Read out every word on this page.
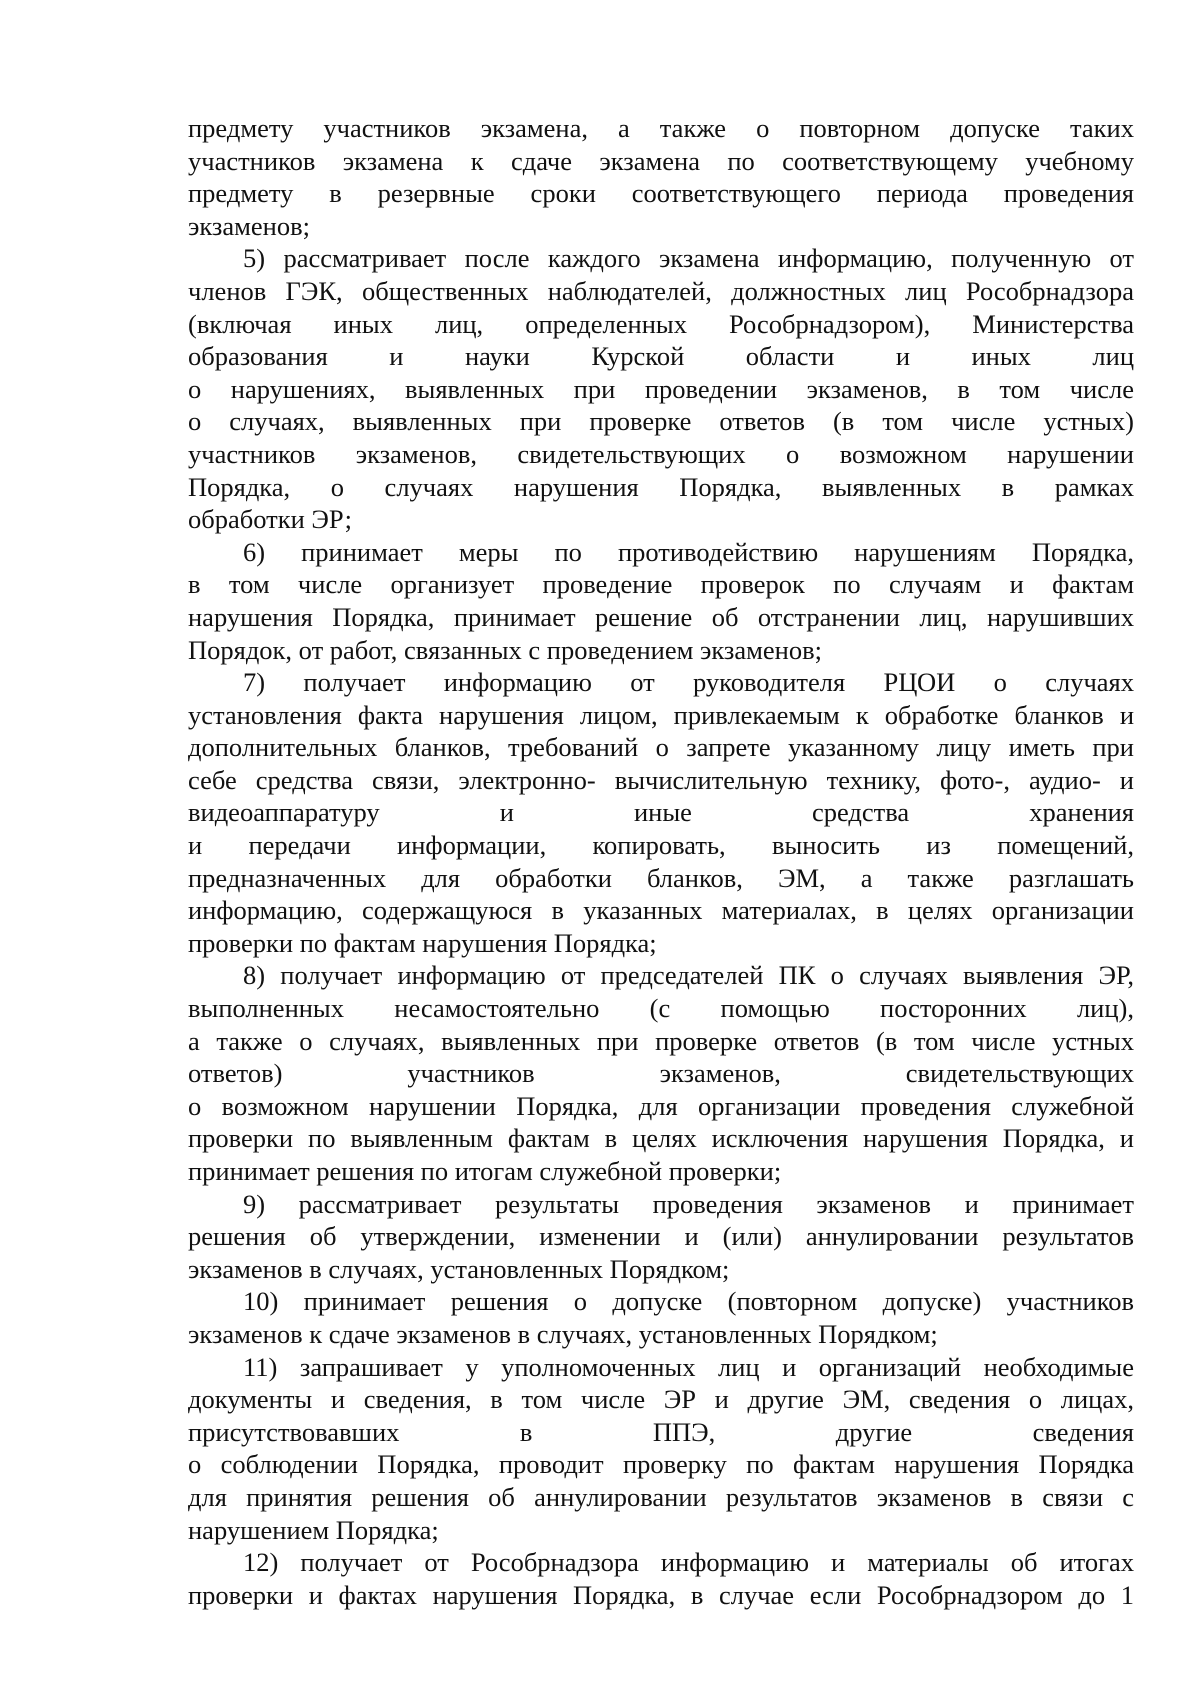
предмету участников экзамена, а также о повторном допуске таких
участников экзамена к сдаче экзамена по соответствующему учебному
предмету в резервные сроки соответствующего периода проведения
экзаменов;

5) рассматривает после каждого экзамена информацию, полученную от
членов ГЭК, общественных наблюдателей, должностных лиц Рособрнадзора
(включая иных лиц, определенных Рособрнадзором), Министерства
образования и науки Курской области и иных лиц
о нарушениях, выявленных при проведении экзаменов, в том числе
о случаях, выявленных при проверке ответов (в том числе устных)
участников экзаменов, свидетельствующих о возможном нарушении
Порядка, о случаях нарушения Порядка, выявленных в рамках
обработки ЭР;

6) принимает меры по противодействию нарушениям Порядка,
в том числе организует проведение проверок по случаям и фактам
нарушения Порядка, принимает решение об отстранении лиц, нарушивших
Порядок, от работ, связанных с проведением экзаменов;

7) получает информацию от руководителя РЦОИ о случаях
установления факта нарушения лицом, привлекаемым к обработке бланков и
дополнительных бланков, требований о запрете указанному лицу иметь при
себе средства связи, электронно- вычислительную технику, фото-, аудио- и
видеоаппаратуру и иные средства хранения
и передачи информации, копировать, выносить из помещений,
предназначенных для обработки бланков, ЭМ, а также разглашать
информацию, содержащуюся в указанных материалах, в целях организации
проверки по фактам нарушения Порядка;

8) получает информацию от председателей ПК о случаях выявления ЭР,
выполненных несамостоятельно (с помощью посторонних лиц),
а также о случаях, выявленных при проверке ответов (в том числе устных
ответов) участников экзаменов, свидетельствующих
о возможном нарушении Порядка, для организации проведения служебной
проверки по выявленным фактам в целях исключения нарушения Порядка, и
принимает решения по итогам служебной проверки;

9) рассматривает результаты проведения экзаменов и принимает
решения об утверждении, изменении и (или) аннулировании результатов
экзаменов в случаях, установленных Порядком;

10) принимает решения о допуске (повторном допуске) участников
экзаменов к сдаче экзаменов в случаях, установленных Порядком;

11) запрашивает у уполномоченных лиц и организаций необходимые
документы и сведения, в том числе ЭР и другие ЭМ, сведения о лицах,
присутствовавших в ППЭ, другие сведения
о соблюдении Порядка, проводит проверку по фактам нарушения Порядка
для принятия решения об аннулировании результатов экзаменов в связи с
нарушением Порядка;

12) получает от Рособрнадзора информацию и материалы об итогах
проверки и фактах нарушения Порядка, в случае если Рособрнадзором до 1
